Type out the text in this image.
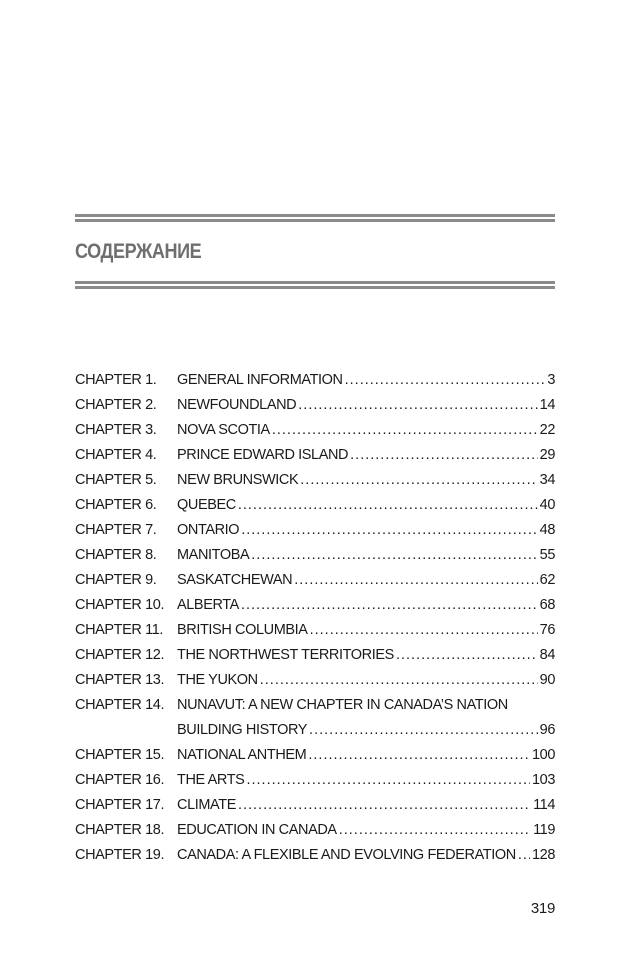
СОДЕРЖАНИЕ
CHAPTER 1.	GENERAL INFORMATION .....	3
CHAPTER 2.	NEWFOUNDLAND .....	14
CHAPTER 3.	NOVA SCOTIA .....	22
CHAPTER 4.	PRINCE EDWARD ISLAND .....	29
CHAPTER 5.	NEW BRUNSWICK .....	34
CHAPTER 6.	QUEBEC .....	40
CHAPTER 7.	ONTARIO .....	48
CHAPTER 8.	MANITOBA .....	55
CHAPTER 9.	SASKATCHEWAN .....	62
CHAPTER 10. ALBERTA .....	68
CHAPTER 11. BRITISH COLUMBIA .....	76
CHAPTER 12. THE NORTHWEST TERRITORIES .....	84
CHAPTER 13. THE YUKON .....	90
CHAPTER 14. NUNAVUT: A NEW CHAPTER IN CANADA’S NATION
BUILDING HISTORY .....	96
CHAPTER 15. NATIONAL ANTHEM .....	100
CHAPTER 16. THE ARTS .....	103
CHAPTER 17. CLIMATE .....	114
CHAPTER 18. EDUCATION IN CANADA .....	119
CHAPTER 19. CANADA: A FLEXIBLE AND EVOLVING FEDERATION ..... 128
319
